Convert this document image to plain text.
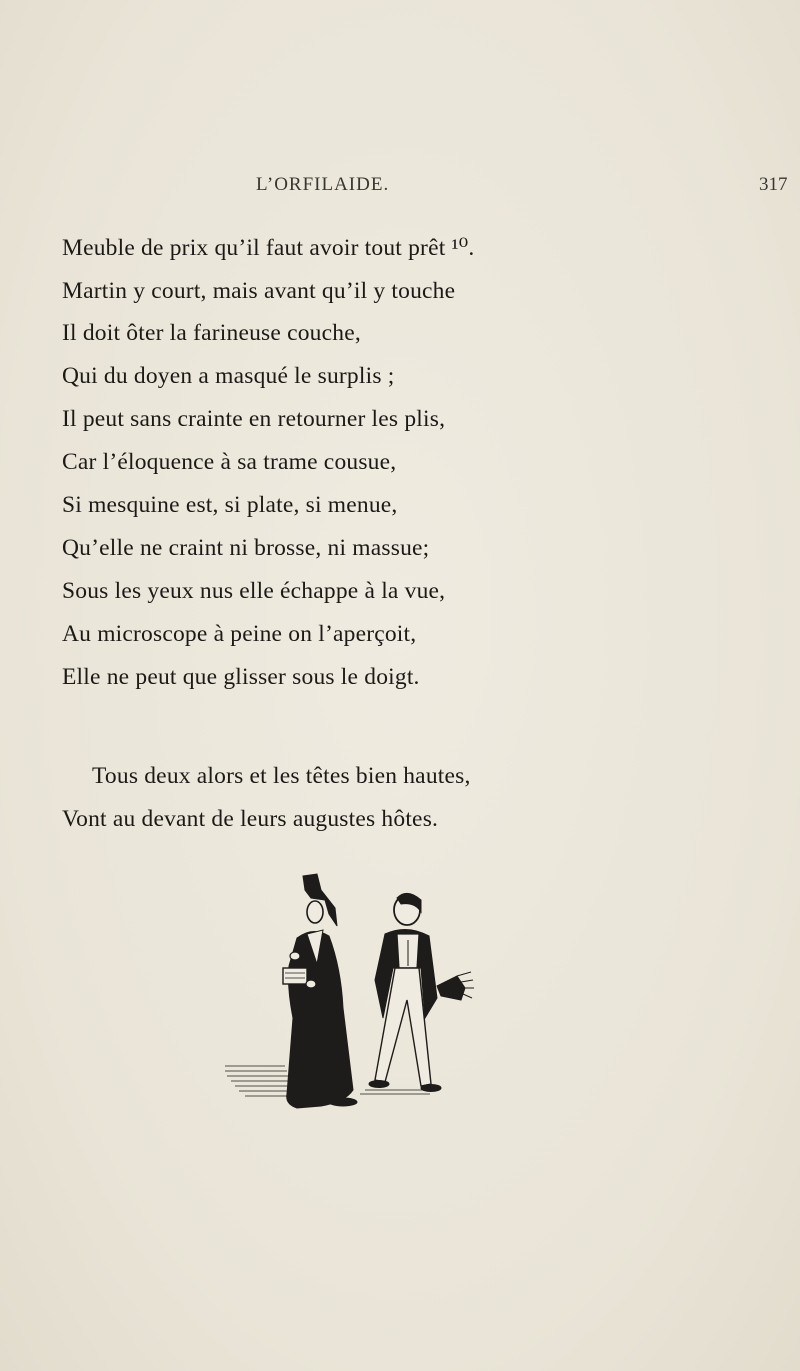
L’ORFILAIDE.	317
Meuble de prix qu’il faut avoir tout prêt ¹⁰.
Martin y court, mais avant qu’il y touche
Il doit ôter la farineuse couche,
Qui du doyen a masqué le surplis ;
Il peut sans crainte en retourner les plis,
Car l’éloquence à sa trame cousue,
Si mesquine est, si plate, si menue,
Qu’elle ne craint ni brosse, ni massue;
Sous les yeux nus elle échappe à la vue,
Au microscope à peine on l’aperçoit,
Elle ne peut que glisser sous le doigt.
Tous deux alors et les têtes bien hautes,
Vont au devant de leurs augustes hôtes.
